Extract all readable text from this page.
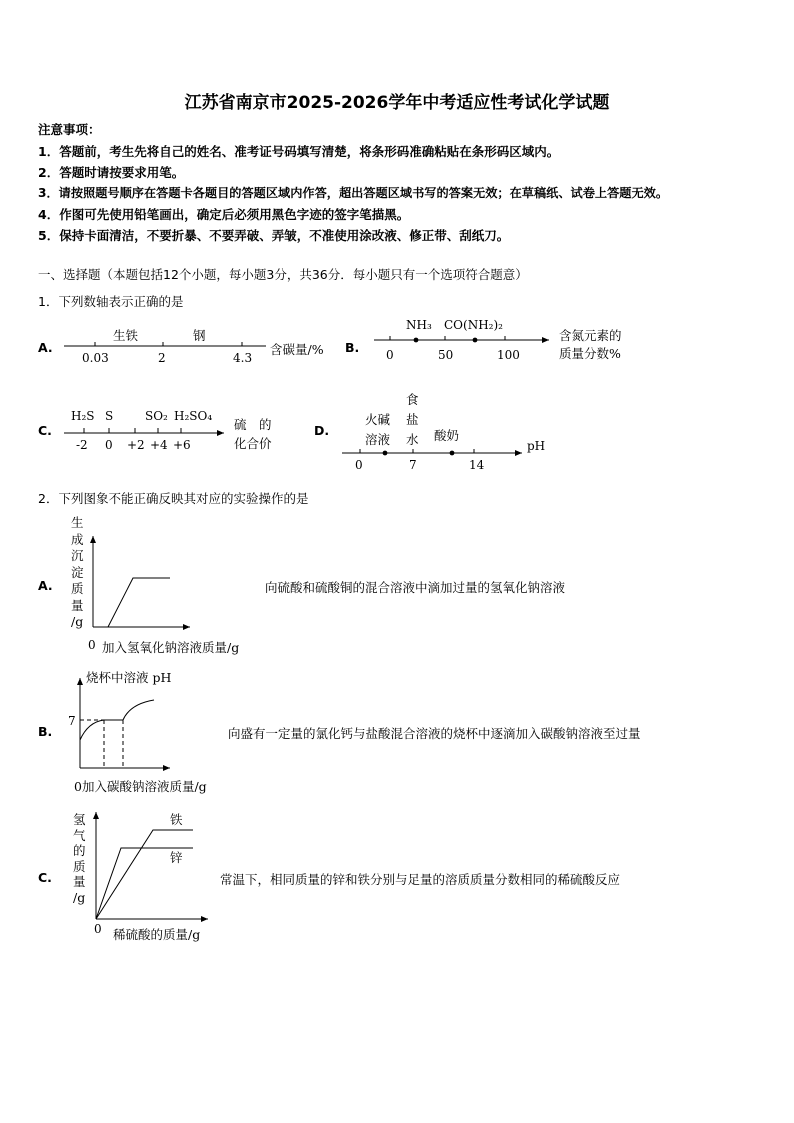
江苏省南京市2025-2026学年中考适应性考试化学试题
注意事项：
1．答题前，考生先将自己的姓名、准考证号码填写清楚，将条形码准确粘贴在条形码区域内。
2．答题时请按要求用笔。
3．请按照题号顺序在答题卡各题目的答题区域内作答，超出答题区域书写的答案无效；在草稿纸、试卷上答题无效。
4．作图可先使用铅笔画出，确定后必须用黑色字迹的签字笔描黑。
5．保持卡面清洁，不要折暴、不要弄破、弄皱，不准使用涂改液、修正带、刮纸刀。
一、选择题（本题包括12个小题，每小题3分，共36分．每小题只有一个选项符合题意）
1．下列数轴表示正确的是
A.
生铁	钢
0.03	2	4.3
含碳量/% B.
NH₃ CO(NH₂)₂
0	50	100
含氮元素的
质量分数%
C.
H₂S S	SO₂ H₂SO₄
-2 0 +2 +4 +6
硫　的
化合价
D.
火碱
溶液
食
盐
水 酸奶
0	7	14
pH
2．下列图象不能正确反映其对应的实验操作的是
A.
生
成
沉
淀
质
量
/g
0 加入氢氧化钠溶液质量/g
向硫酸和硫酸铜的混合溶液中滴加过量的氢氧化钠溶液
B.
烧杯中溶液 pH
7
0加入碳酸钠溶液质量/g
向盛有一定量的氯化钙与盐酸混合溶液的烧杯中逐滴加入碳酸钠溶液至过量
C.
氢
气
的
质
量
/g
铁
锌
0 稀硫酸的质量/g
常温下，相同质量的锌和铁分别与足量的溶质质量分数相同的稀硫酸反应
